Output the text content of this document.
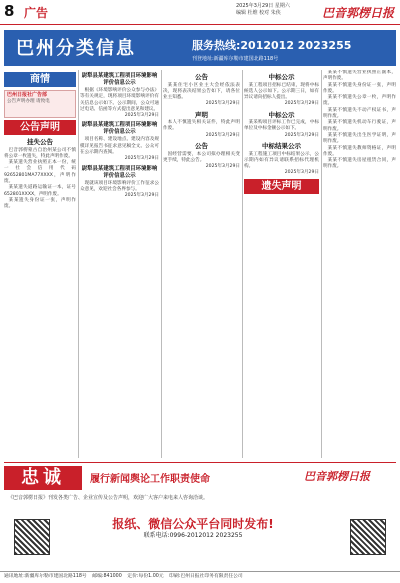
8 广告	2025年3月29日 星期六
编辑 杜维 校对 朱侠	巴音郭楞日报
巴州分类信息	服务热线:2012012 2023255
刊登地址:新疆库尔勒市建国北路118号
商情
巴州日报社广告部
公告声明办理 请致电
公告声明
挂失公告
巴音郭楞蒙古自治州某公司不慎将公章一枚遗失，特此声明作废。
某某遗失营业执照正本一份，统一社会信用代码92652801MA77XXXX，声明作废。
某某遗失道路运输证一本，证号652801XXXX，声明作废。
某某遗失身份证一张，声明作废。
尉犁县某建筑工程项目环境影响评价信息公示
根据《环境影响评价公众参与办法》等有关规定，现将项目环境影响评价有关信息公示如下。公示期间，公众可通过电话、信函等方式提出意见和建议。
2025年3月29日
尉犁县某建筑工程项目环境影响评价信息公示
项目名称、建设地点、建设内容及规模详见报告书征求意见稿全文。公众可在公示期内查阅。
2025年3月29日
尉犁县某建筑工程项目环境影响评价信息公示
现就该项目环境影响评价工作征求公众意见，欢迎社会各界参与。
2025年3月29日
公告
某某住宅小区业主大会经依法表决，现将表决结果公告如下，请各位业主知悉。
2025年3月29日
声明
本人不慎遗失相关证件，特此声明作废。
2025年3月29日
公告
因经营需要，本公司拟办理相关变更手续，特此公告。
2025年3月29日
中标公示
某工程项目招标已结束，现将中标候选人公示如下。公示期三日，如有异议请向招标人提出。
2025年3月29日
中标公示
某采购项目评标工作已完成，中标单位及中标金额公示如下。
2025年3月29日
中标结果公示
某工程施工项目中标结果公示，公示期内如有异议请联系招标代理机构。
2025年3月29日
遗失声明
某某不慎遗失营业执照正副本，声明作废。
某某不慎遗失身份证一张，声明作废。
某某不慎遗失公章一枚，声明作废。
某某不慎遗失不动产权证书，声明作废。
某某不慎遗失机动车行驶证，声明作废。
某某不慎遗失出生医学证明，声明作废。
某某不慎遗失教师资格证，声明作废。
某某不慎遗失房屋租赁合同，声明作废。
忠诚	履行新闻舆论工作职责使命	巴音郭楞日报
《巴音郭楞日报》刊发各类广告、企业宣传及公告声明，欢迎广大客户来电来人咨询洽谈。
报纸、微信公众平台同时发布!
联系电话:0996-2012012 2023255
通讯地址:新疆库尔勒市建国北路118号 邮编:841000 定价:每份1.00元 印刷:巴州日报社印务有限责任公司
